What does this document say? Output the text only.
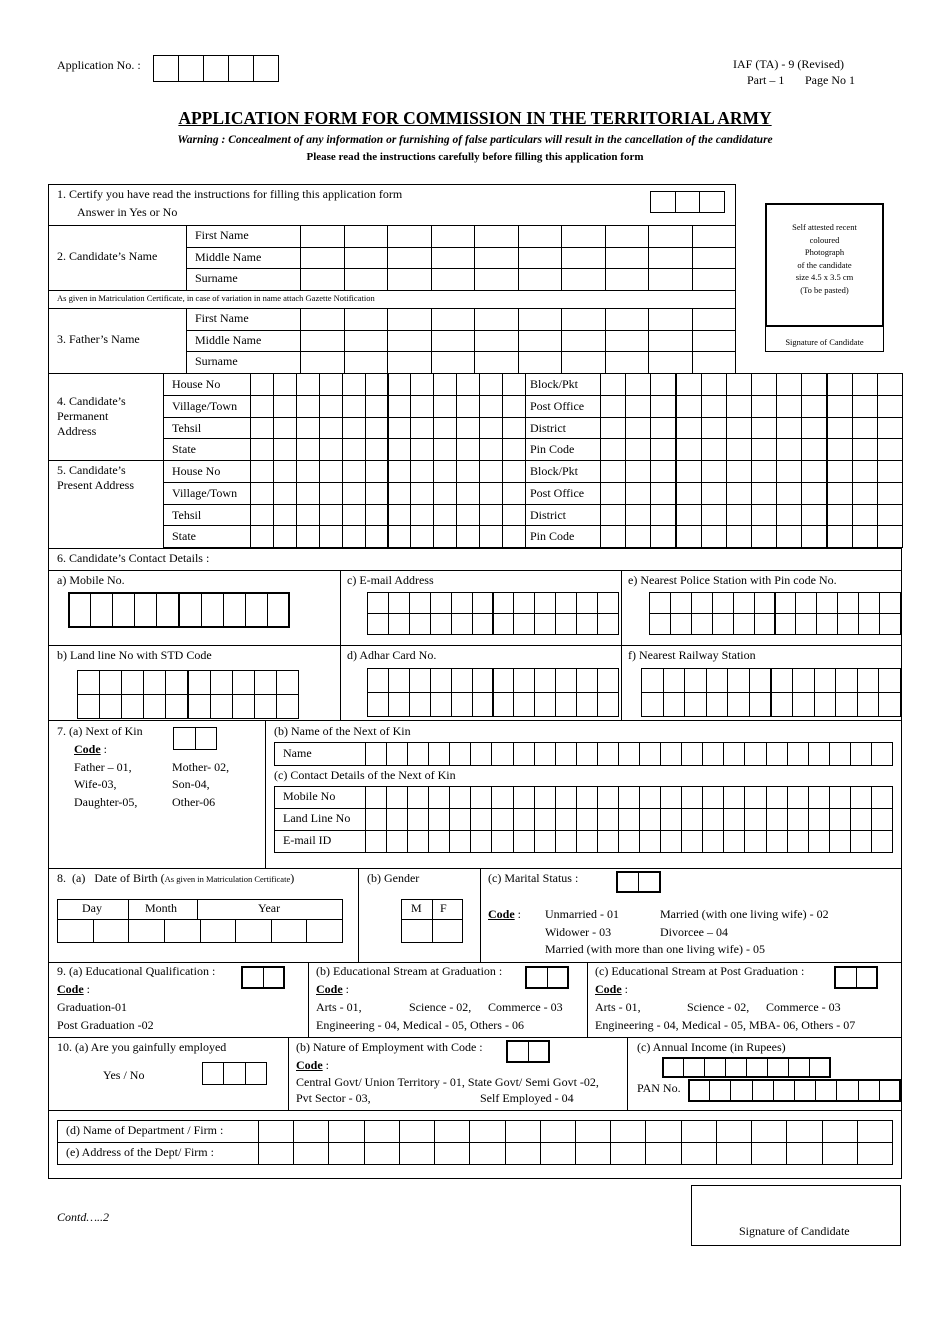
Application No. :	IAF (TA) - 9 (Revised)
Part – 1 Page No 1
APPLICATION FORM FOR COMMISSION IN THE TERRITORIAL ARMY
Warning : Concealment of any information or furnishing of false particulars will result in the cancellation of the candidature
Please read the instructions carefully before filling this application form
1. Certify you have read the instructions for filling this application form
Answer in Yes or No
2. Candidate’s Name
First Name
Middle Name
Surname
As given in Matriculation Certificate, in case of variation in name attach Gazette Notification
3. Father’s Name
First Name
Middle Name
Surname
Self attested recent
coloured
Photograph
of the candidate
size 4.5 x 3.5 cm
(To be pasted)
Signature of Candidate
4. Candidate’s
Permanent
Address
House No	Block/Pkt
Village/Town	Post Office
Tehsil	District
State	Pin Code
5. Candidate’s
Present Address
House No	Block/Pkt
Village/Town	Post Office
Tehsil	District
State	Pin Code
6. Candidate’s Contact Details :
a) Mobile No.	c) E-mail Address	e) Nearest Police Station with Pin code No.
b) Land line No with STD Code	d) Adhar Card No.	f) Nearest Railway Station
7. (a) Next of Kin
Code :
Father – 01,	Mother- 02,
Wife-03,	Son-04,
Daughter-05,	Other-06
(b) Name of the Next of Kin
Name
(c) Contact Details of the Next of Kin
Mobile No
Land Line No
E-mail ID
8.  (a)   Date of Birth ( As given in Matriculation Certificate )
Day	Month	Year
(b) Gender
M F
(c) Marital Status :
Code : Unmarried - 01	Married (with one living wife) - 02
Widower - 03	Divorcee – 04
Married (with more than one living wife) - 05
9. (a) Educational Qualification :
Code :
Graduation-01
Post Graduation -02
(b) Educational Stream at Graduation :
Code :
Arts - 01,	Science - 02, Commerce - 03
Engineering - 04, Medical - 05, Others - 06
(c) Educational Stream at Post Graduation :
Code :
Arts - 01,	Science - 02, Commerce - 03
Engineering - 04, Medical - 05, MBA- 06, Others - 07
10. (a) Are you gainfully employed
Yes / No
(b) Nature of Employment with Code :
Code :
Central Govt/ Union Territory - 01, State Govt/ Semi Govt -02,
Pvt Sector - 03,	Self Employed - 04
(c) Annual Income (in Rupees)
PAN No.
(d) Name of Department / Firm :
(e) Address of the Dept/ Firm :
Contd…..2
Signature of Candidate
